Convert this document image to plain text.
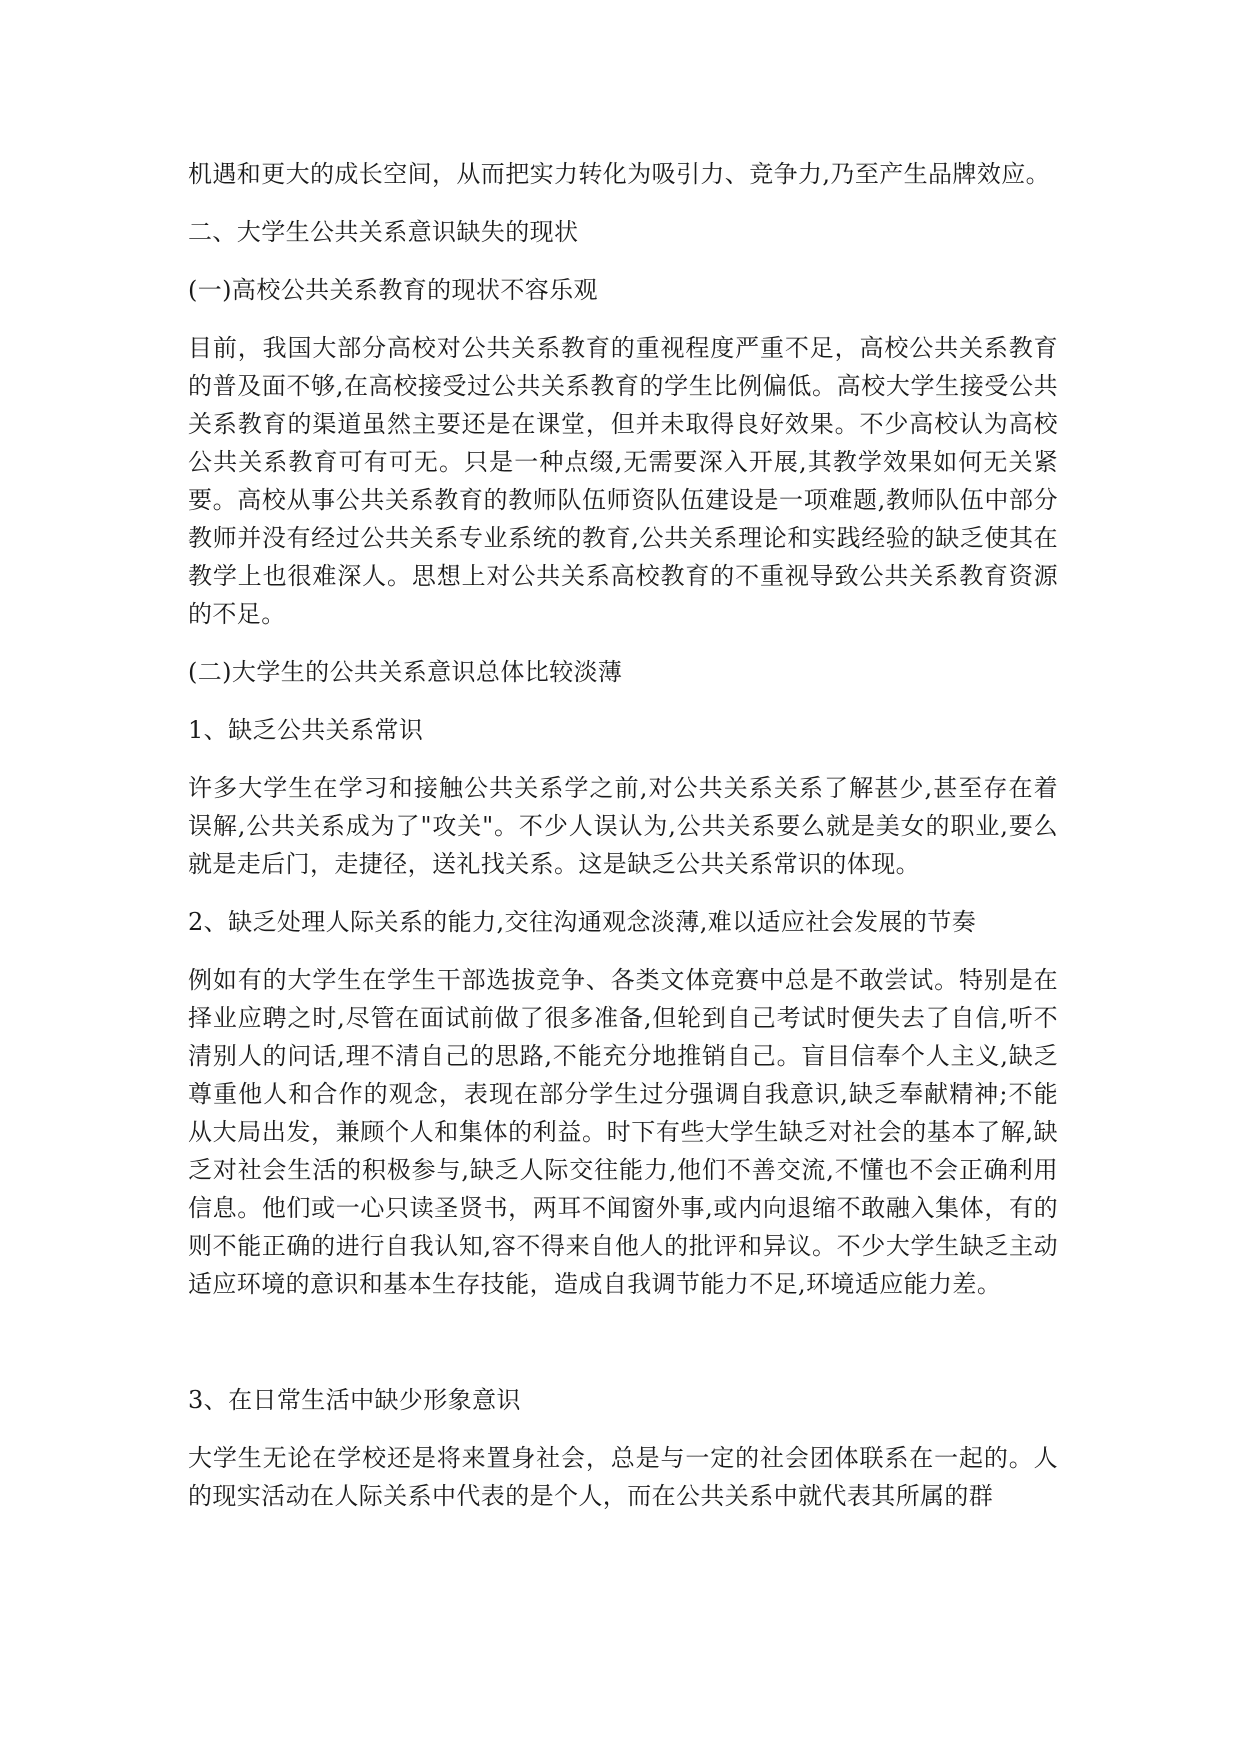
机遇和更大的成长空间，从而把实力转化为吸引力、竞争力,乃至产生品牌效应。

二、大学生公共关系意识缺失的现状

(一)高校公共关系教育的现状不容乐观

目前，我国大部分高校对公共关系教育的重视程度严重不足，高校公共关系教育的普及面不够,在高校接受过公共关系教育的学生比例偏低。高校大学生接受公共关系教育的渠道虽然主要还是在课堂，但并未取得良好效果。不少高校认为高校公共关系教育可有可无。只是一种点缀,无需要深入开展,其教学效果如何无关紧要。高校从事公共关系教育的教师队伍师资队伍建设是一项难题,教师队伍中部分教师并没有经过公共关系专业系统的教育,公共关系理论和实践经验的缺乏使其在教学上也很难深人。思想上对公共关系高校教育的不重视导致公共关系教育资源的不足。

(二)大学生的公共关系意识总体比较淡薄

1、缺乏公共关系常识

许多大学生在学习和接触公共关系学之前,对公共关系关系了解甚少,甚至存在着误解,公共关系成为了"攻关"。不少人误认为,公共关系要么就是美女的职业,要么就是走后门，走捷径，送礼找关系。这是缺乏公共关系常识的体现。

2、缺乏处理人际关系的能力,交往沟通观念淡薄,难以适应社会发展的节奏

例如有的大学生在学生干部选拔竞争、各类文体竞赛中总是不敢尝试。特别是在择业应聘之时,尽管在面试前做了很多准备,但轮到自己考试时便失去了自信,听不清别人的问话,理不清自己的思路,不能充分地推销自己。盲目信奉个人主义,缺乏尊重他人和合作的观念，表现在部分学生过分强调自我意识,缺乏奉献精神;不能从大局出发，兼顾个人和集体的利益。时下有些大学生缺乏对社会的基本了解,缺乏对社会生活的积极参与,缺乏人际交往能力,他们不善交流,不懂也不会正确利用信息。他们或一心只读圣贤书，两耳不闻窗外事,或内向退缩不敢融入集体，有的则不能正确的进行自我认知,容不得来自他人的批评和异议。不少大学生缺乏主动适应环境的意识和基本生存技能，造成自我调节能力不足,环境适应能力差。

3、在日常生活中缺少形象意识

大学生无论在学校还是将来置身社会，总是与一定的社会团体联系在一起的。人的现实活动在人际关系中代表的是个人，而在公共关系中就代表其所属的群
